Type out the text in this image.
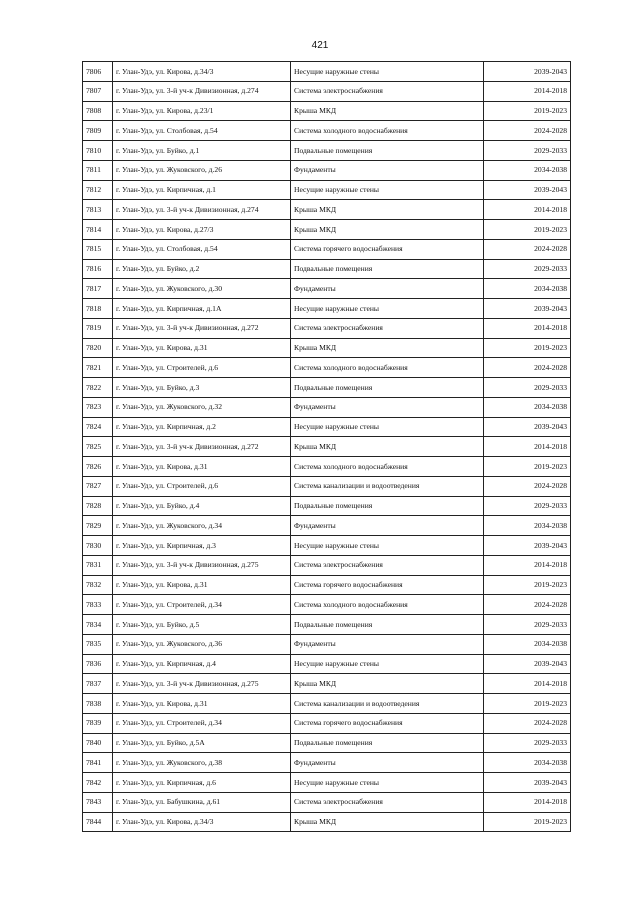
421
7806	г. Улан-Удэ, ул. Кирова, д.34/3	Несущие наружные стены	2039-2043
7807	г. Улан-Удэ, ул. 3-й уч-к Дивизионная, д.274	Система электроснабжения	2014-2018
7808	г. Улан-Удэ, ул. Кирова, д.23/1	Крыша МКД	2019-2023
7809	г. Улан-Удэ, ул. Столбовая, д.54	Система холодного водоснабжения	2024-2028
7810	г. Улан-Удэ, ул. Буйко, д.1	Подвальные помещения	2029-2033
7811	г. Улан-Удэ, ул. Жуковского, д.26	Фундаменты	2034-2038
7812	г. Улан-Удэ, ул. Кирпичная, д.1	Несущие наружные стены	2039-2043
7813	г. Улан-Удэ, ул. 3-й уч-к Дивизионная, д.274	Крыша МКД	2014-2018
7814	г. Улан-Удэ, ул. Кирова, д.27/3	Крыша МКД	2019-2023
7815	г. Улан-Удэ, ул. Столбовая, д.54	Система горячего водоснабжения	2024-2028
7816	г. Улан-Удэ, ул. Буйко, д.2	Подвальные помещения	2029-2033
7817	г. Улан-Удэ, ул. Жуковского, д.30	Фундаменты	2034-2038
7818	г. Улан-Удэ, ул. Кирпичная, д.1А	Несущие наружные стены	2039-2043
7819	г. Улан-Удэ, ул. 3-й уч-к Дивизионная, д.272	Система электроснабжения	2014-2018
7820	г. Улан-Удэ, ул. Кирова, д.31	Крыша МКД	2019-2023
7821	г. Улан-Удэ, ул. Строителей, д.6	Система холодного водоснабжения	2024-2028
7822	г. Улан-Удэ, ул. Буйко, д.3	Подвальные помещения	2029-2033
7823	г. Улан-Удэ, ул. Жуковского, д.32	Фундаменты	2034-2038
7824	г. Улан-Удэ, ул. Кирпичная, д.2	Несущие наружные стены	2039-2043
7825	г. Улан-Удэ, ул. 3-й уч-к Дивизионная, д.272	Крыша МКД	2014-2018
7826	г. Улан-Удэ, ул. Кирова, д.31	Система холодного водоснабжения	2019-2023
7827	г. Улан-Удэ, ул. Строителей, д.6	Система канализации и водоотведения	2024-2028
7828	г. Улан-Удэ, ул. Буйко, д.4	Подвальные помещения	2029-2033
7829	г. Улан-Удэ, ул. Жуковского, д.34	Фундаменты	2034-2038
7830	г. Улан-Удэ, ул. Кирпичная, д.3	Несущие наружные стены	2039-2043
7831	г. Улан-Удэ, ул. 3-й уч-к Дивизионная, д.275	Система электроснабжения	2014-2018
7832	г. Улан-Удэ, ул. Кирова, д.31	Система горячего водоснабжения	2019-2023
7833	г. Улан-Удэ, ул. Строителей, д.34	Система холодного водоснабжения	2024-2028
7834	г. Улан-Удэ, ул. Буйко, д.5	Подвальные помещения	2029-2033
7835	г. Улан-Удэ, ул. Жуковского, д.36	Фундаменты	2034-2038
7836	г. Улан-Удэ, ул. Кирпичная, д.4	Несущие наружные стены	2039-2043
7837	г. Улан-Удэ, ул. 3-й уч-к Дивизионная, д.275	Крыша МКД	2014-2018
7838	г. Улан-Удэ, ул. Кирова, д.31	Система канализации и водоотведения	2019-2023
7839	г. Улан-Удэ, ул. Строителей, д.34	Система горячего водоснабжения	2024-2028
7840	г. Улан-Удэ, ул. Буйко, д.5А	Подвальные помещения	2029-2033
7841	г. Улан-Удэ, ул. Жуковского, д.38	Фундаменты	2034-2038
7842	г. Улан-Удэ, ул. Кирпичная, д.6	Несущие наружные стены	2039-2043
7843	г. Улан-Удэ, ул. Бабушкина, д.61	Система электроснабжения	2014-2018
7844	г. Улан-Удэ, ул. Кирова, д.34/3	Крыша МКД	2019-2023
